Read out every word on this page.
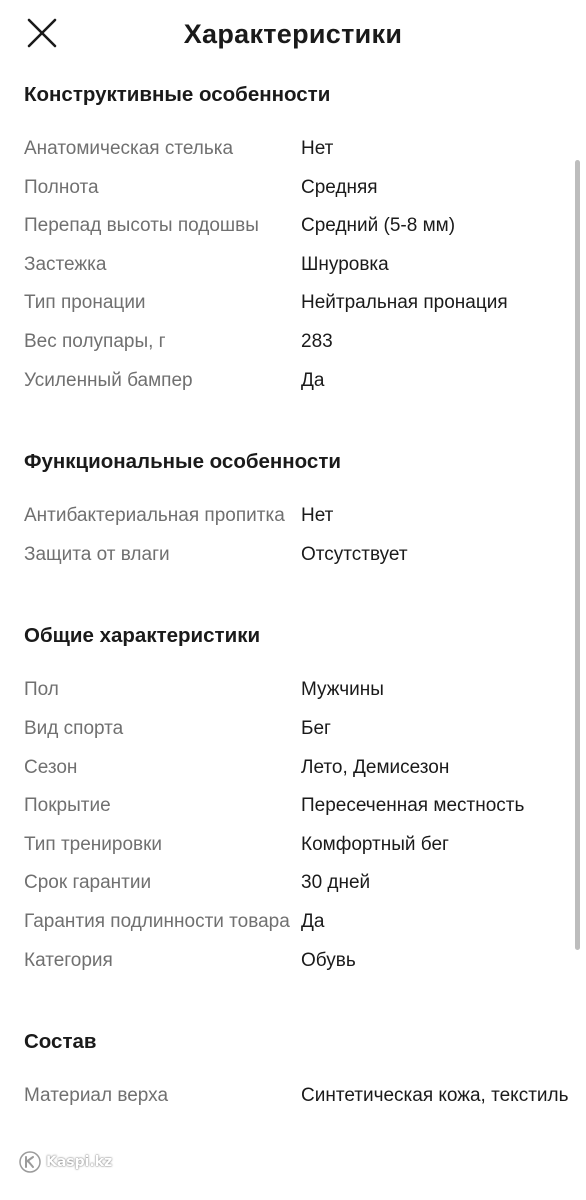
Характеристики
Конструктивные особенности
Анатомическая стелька	Нет
Полнота	Средняя
Перепад высоты подошвы	Средний (5-8 мм)
Застежка	Шнуровка
Тип пронации	Нейтральная пронация
Вес полупары, г	283
Усиленный бампер	Да
Функциональные особенности
Антибактериальная пропитка Нет
Защита от влаги	Отсутствует
Общие характеристики
Пол	Мужчины
Вид спорта	Бег
Сезон	Лето, Демисезон
Покрытие	Пересеченная местность
Тип тренировки	Комфортный бег
Срок гарантии	30 дней
Гарантия подлинности товара Да
Категория	Обувь
Состав
Материал верха	Синтетическая кожа, текстиль
Kaspi.kz
